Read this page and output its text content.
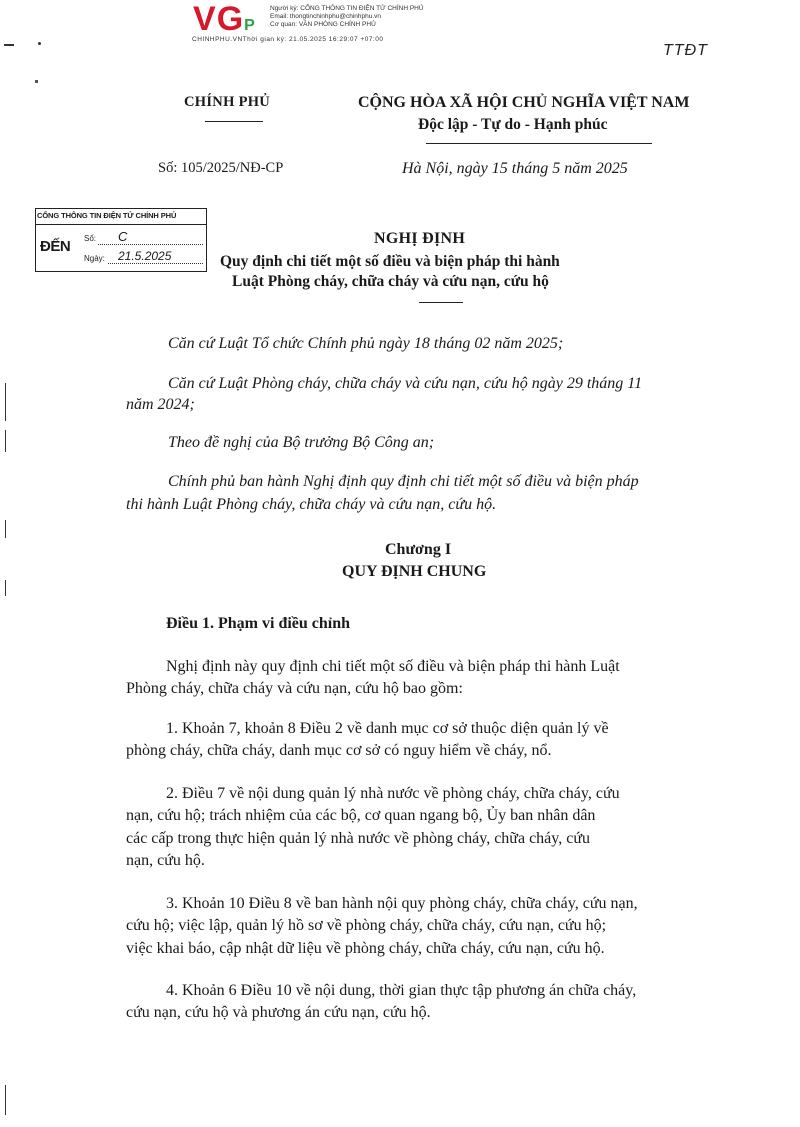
VGP
Người ký: CỔNG THÔNG TIN ĐIỆN TỬ CHÍNH PHỦ
Email: thongtinchinhphu@chinhphu.vn
Cơ quan: VĂN PHÒNG CHÍNH PHỦ
CHINHPHU.VNThời gian ký: 21.05.2025 16:29:07 +07:00
TTĐT
CHÍNH PHỦ	CỘNG HÒA XÃ HỘI CHỦ NGHĨA VIỆT NAM
Độc lập - Tự do - Hạnh phúc
Số: 105/2025/NĐ-CP	Hà Nội, ngày 15 tháng 5 năm 2025
CỔNG THÔNG TIN ĐIỆN TỬ CHÍNH PHỦ
ĐẾN Số: C
Ngày: 21.5.2025
NGHỊ ĐỊNH
Quy định chi tiết một số điều và biện pháp thi hành
Luật Phòng cháy, chữa cháy và cứu nạn, cứu hộ
Căn cứ Luật Tổ chức Chính phủ ngày 18 tháng 02 năm 2025;
Căn cứ Luật Phòng cháy, chữa cháy và cứu nạn, cứu hộ ngày 29 tháng 11
năm 2024;
Theo đề nghị của Bộ trưởng Bộ Công an;
Chính phủ ban hành Nghị định quy định chi tiết một số điều và biện pháp
thi hành Luật Phòng cháy, chữa cháy và cứu nạn, cứu hộ.
Chương I
QUY ĐỊNH CHUNG
Điều 1. Phạm vi điều chỉnh
Nghị định này quy định chi tiết một số điều và biện pháp thi hành Luật
Phòng cháy, chữa cháy và cứu nạn, cứu hộ bao gồm:
1. Khoản 7, khoản 8 Điều 2 về danh mục cơ sở thuộc diện quản lý về
phòng cháy, chữa cháy, danh mục cơ sở có nguy hiểm về cháy, nổ.
2. Điều 7 về nội dung quản lý nhà nước về phòng cháy, chữa cháy, cứu
nạn, cứu hộ; trách nhiệm của các bộ, cơ quan ngang bộ, Ủy ban nhân dân
các cấp trong thực hiện quản lý nhà nước về phòng cháy, chữa cháy, cứu
nạn, cứu hộ.
3. Khoản 10 Điều 8 về ban hành nội quy phòng cháy, chữa cháy, cứu nạn,
cứu hộ; việc lập, quản lý hồ sơ về phòng cháy, chữa cháy, cứu nạn, cứu hộ;
việc khai báo, cập nhật dữ liệu về phòng cháy, chữa cháy, cứu nạn, cứu hộ.
4. Khoản 6 Điều 10 về nội dung, thời gian thực tập phương án chữa cháy,
cứu nạn, cứu hộ và phương án cứu nạn, cứu hộ.
